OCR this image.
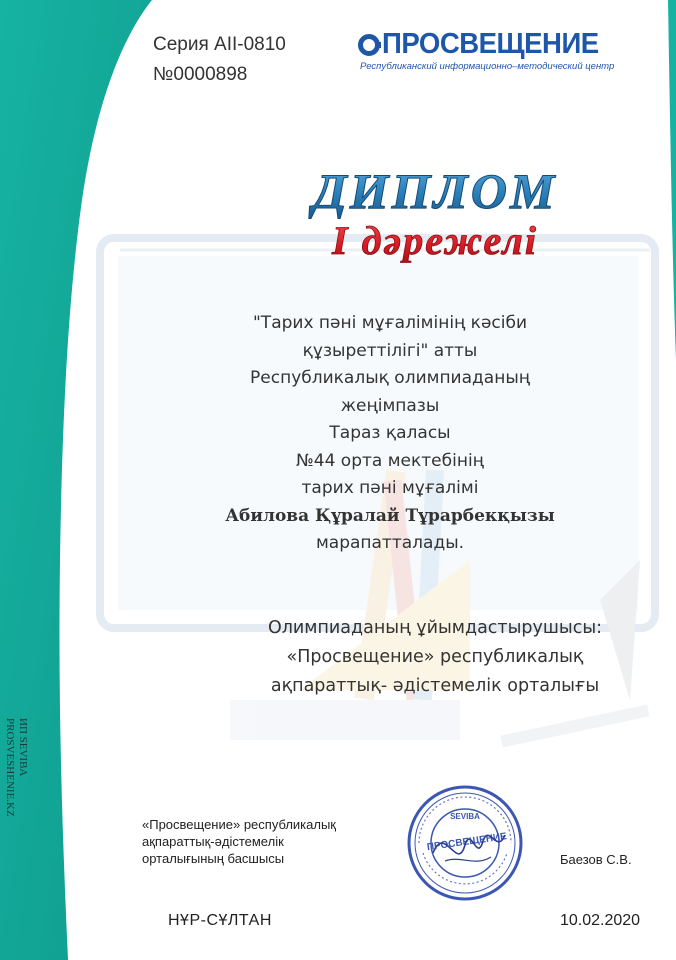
Серия АІІ-0810
№0000898
ПРОСВЕЩЕНИЕ
Республиканский информационно–методический центр
ДИПЛОМ
І дәрежелі
"Тарих пәні мұғалімінің кәсіби
құзыреттілігі" атты
Республикалық олимпиаданың
жеңімпазы
Тараз қаласы
№44 орта мектебінің
тарих пәні мұғалімі
Абилова Құралай Тұрарбекқызы
марапатталады.
Олимпиаданың ұйымдастырушысы:
«Просвещение» республикалық
ақпараттық- әдістемелік орталығы
«Просвещение» республикалық
ақпараттық-әдістемелік
орталығының басшысы
SEVIBA
ПРОСВЕЩЕНИЕ
Баезов С.В.
НҰР-СҰЛТАН	10.02.2020
ИП SEVIBA
PROSVESHENIE.KZ
